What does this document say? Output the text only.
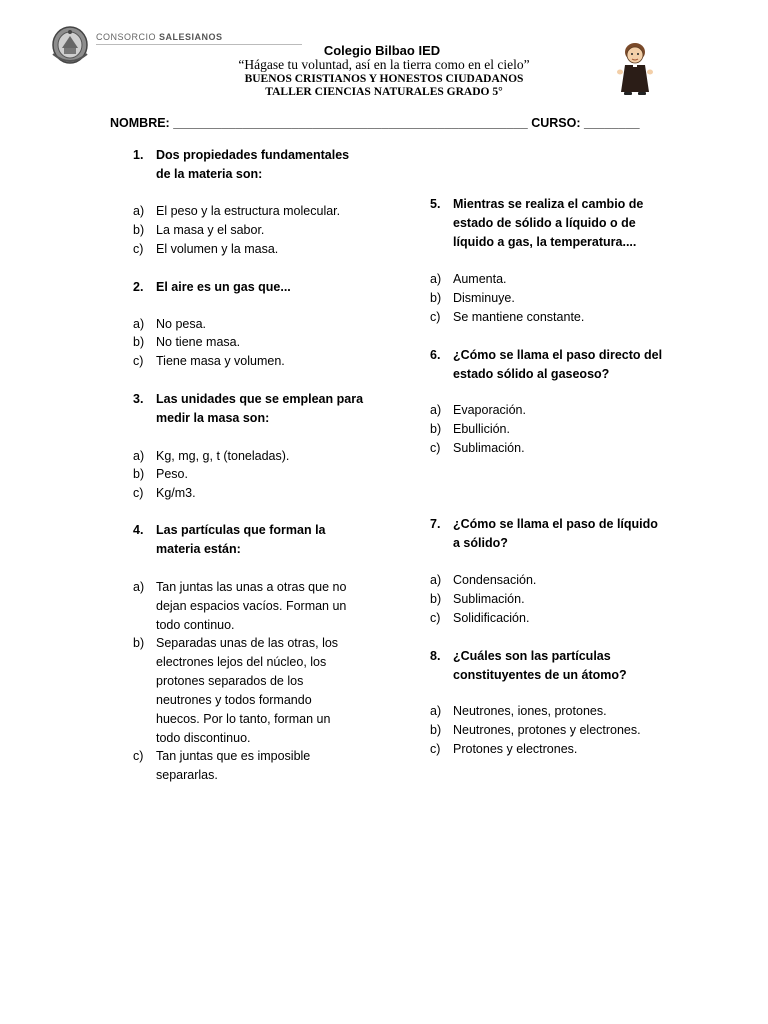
CONSORCIO SALESIANOS
Colegio Bilbao IED
“Hágase tu voluntad, así en la tierra como en el cielo”
BUENOS CRISTIANOS Y HONESTOS CIUDADANOS
TALLER CIENCIAS NATURALES GRADO 5°
NOMBRE: ___________________________________________________ CURSO: ________
1. Dos propiedades fundamentales
de la materia son:
a) El peso y la estructura molecular.
b) La masa y el sabor.
c) El volumen y la masa.
2. El aire es un gas que...
a) No pesa.
b) No tiene masa.
c) Tiene masa y volumen.
3. Las unidades que se emplean para
medir la masa son:
a) Kg, mg, g, t (toneladas).
b) Peso.
c) Kg/m3.
4. Las partículas que forman la
materia están:
a) Tan juntas las unas a otras que no
dejan espacios vacíos. Forman un
todo continuo.
b) Separadas unas de las otras, los
electrones lejos del núcleo, los
protones separados de los
neutrones y todos formando
huecos. Por lo tanto, forman un
todo discontinuo.
c) Tan juntas que es imposible
separarlas.
5. Mientras se realiza el cambio de
estado de sólido a líquido o de
líquido a gas, la temperatura....
a) Aumenta.
b) Disminuye.
c) Se mantiene constante.
6. ¿Cómo se llama el paso directo del
estado sólido al gaseoso?
a) Evaporación.
b) Ebullición.
c) Sublimación.
7. ¿Cómo se llama el paso de líquido
a sólido?
a) Condensación.
b) Sublimación.
c) Solidificación.
8. ¿Cuáles son las partículas
constituyentes de un átomo?
a) Neutrones, iones, protones.
b) Neutrones, protones y electrones.
c) Protones y electrones.
